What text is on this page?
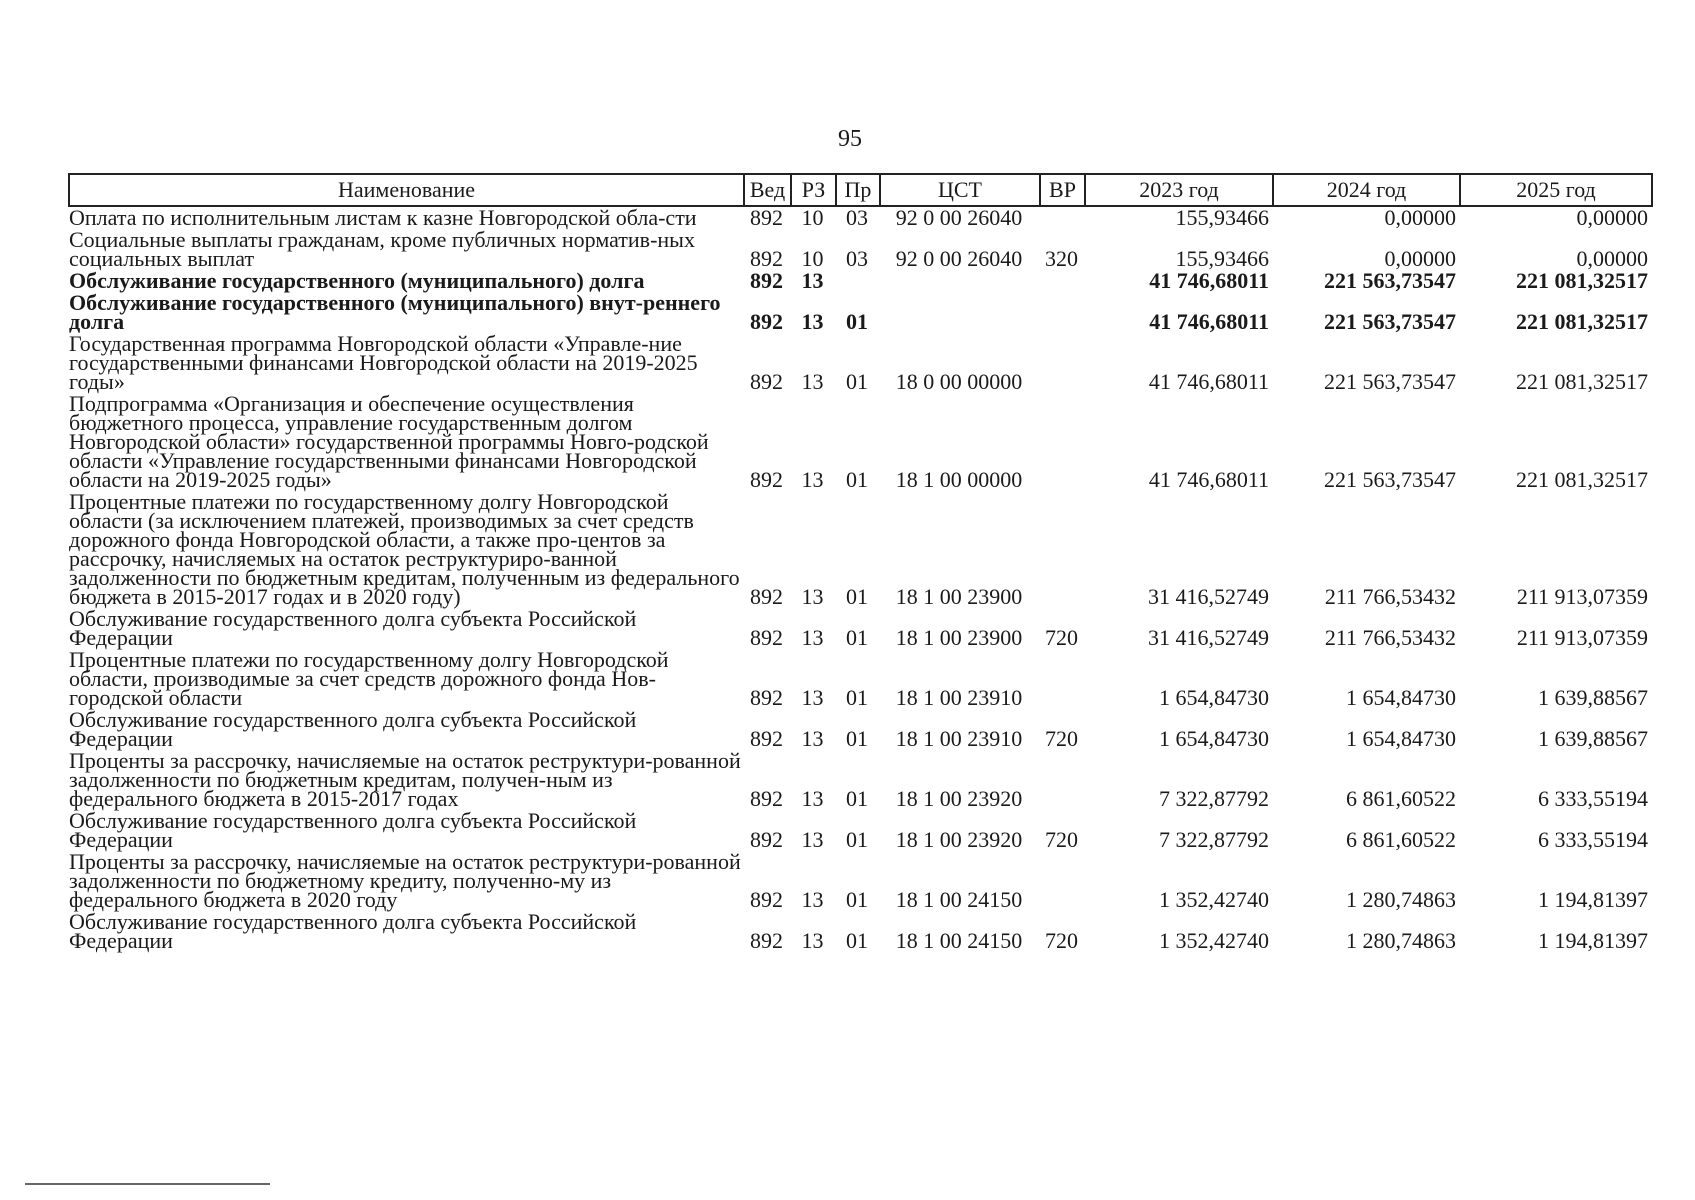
95
Наименование	Вед	РЗ	Пр	ЦСТ	ВР	2023 год	2024 год	2025 год
Оплата по исполнительным листам к казне Новгородской обла-сти	892	10	03	92 0 00 26040		155,93466	0,00000	0,00000
Социальные выплаты гражданам, кроме публичных норматив-ных социальных выплат	892	10	03	92 0 00 26040	320	155,93466	0,00000	0,00000
Обслуживание государственного (муниципального) долга	892	13				41 746,68011	221 563,73547	221 081,32517
Обслуживание государственного (муниципального) внут-реннего долга	892	13	01			41 746,68011	221 563,73547	221 081,32517
Государственная программа Новгородской области «Управле-ние государственными финансами Новгородской области на 2019-2025 годы»	892	13	01	18 0 00 00000		41 746,68011	221 563,73547	221 081,32517
Подпрограмма «Организация и обеспечение осуществления бюджетного процесса, управление государственным долгом Новгородской области» государственной программы Новго-родской области «Управление государственными финансами Новгородской области на 2019-2025 годы»	892	13	01	18 1 00 00000		41 746,68011	221 563,73547	221 081,32517
Процентные платежи по государственному долгу Новгородской области (за исключением платежей, производимых за счет средств дорожного фонда Новгородской области, а также про-центов за рассрочку, начисляемых на остаток реструктуриро-ванной задолженности по бюджетным кредитам, полученным из федерального бюджета в 2015-2017 годах и в 2020 году)	892	13	01	18 1 00 23900		31 416,52749	211 766,53432	211 913,07359
Обслуживание государственного долга субъекта Российской Федерации	892	13	01	18 1 00 23900	720	31 416,52749	211 766,53432	211 913,07359
Процентные платежи по государственному долгу Новгородской области, производимые за счет средств дорожного фонда Нов-городской области	892	13	01	18 1 00 23910		1 654,84730	1 654,84730	1 639,88567
Обслуживание государственного долга субъекта Российской Федерации	892	13	01	18 1 00 23910	720	1 654,84730	1 654,84730	1 639,88567
Проценты за рассрочку, начисляемые на остаток реструктури-рованной задолженности по бюджетным кредитам, получен-ным из федерального бюджета в 2015-2017 годах	892	13	01	18 1 00 23920		7 322,87792	6 861,60522	6 333,55194
Обслуживание государственного долга субъекта Российской Федерации	892	13	01	18 1 00 23920	720	7 322,87792	6 861,60522	6 333,55194
Проценты за рассрочку, начисляемые на остаток реструктури-рованной задолженности по бюджетному кредиту, полученно-му из федерального бюджета в 2020 году	892	13	01	18 1 00 24150		1 352,42740	1 280,74863	1 194,81397
Обслуживание государственного долга субъекта Российской Федерации	892	13	01	18 1 00 24150	720	1 352,42740	1 280,74863	1 194,81397
